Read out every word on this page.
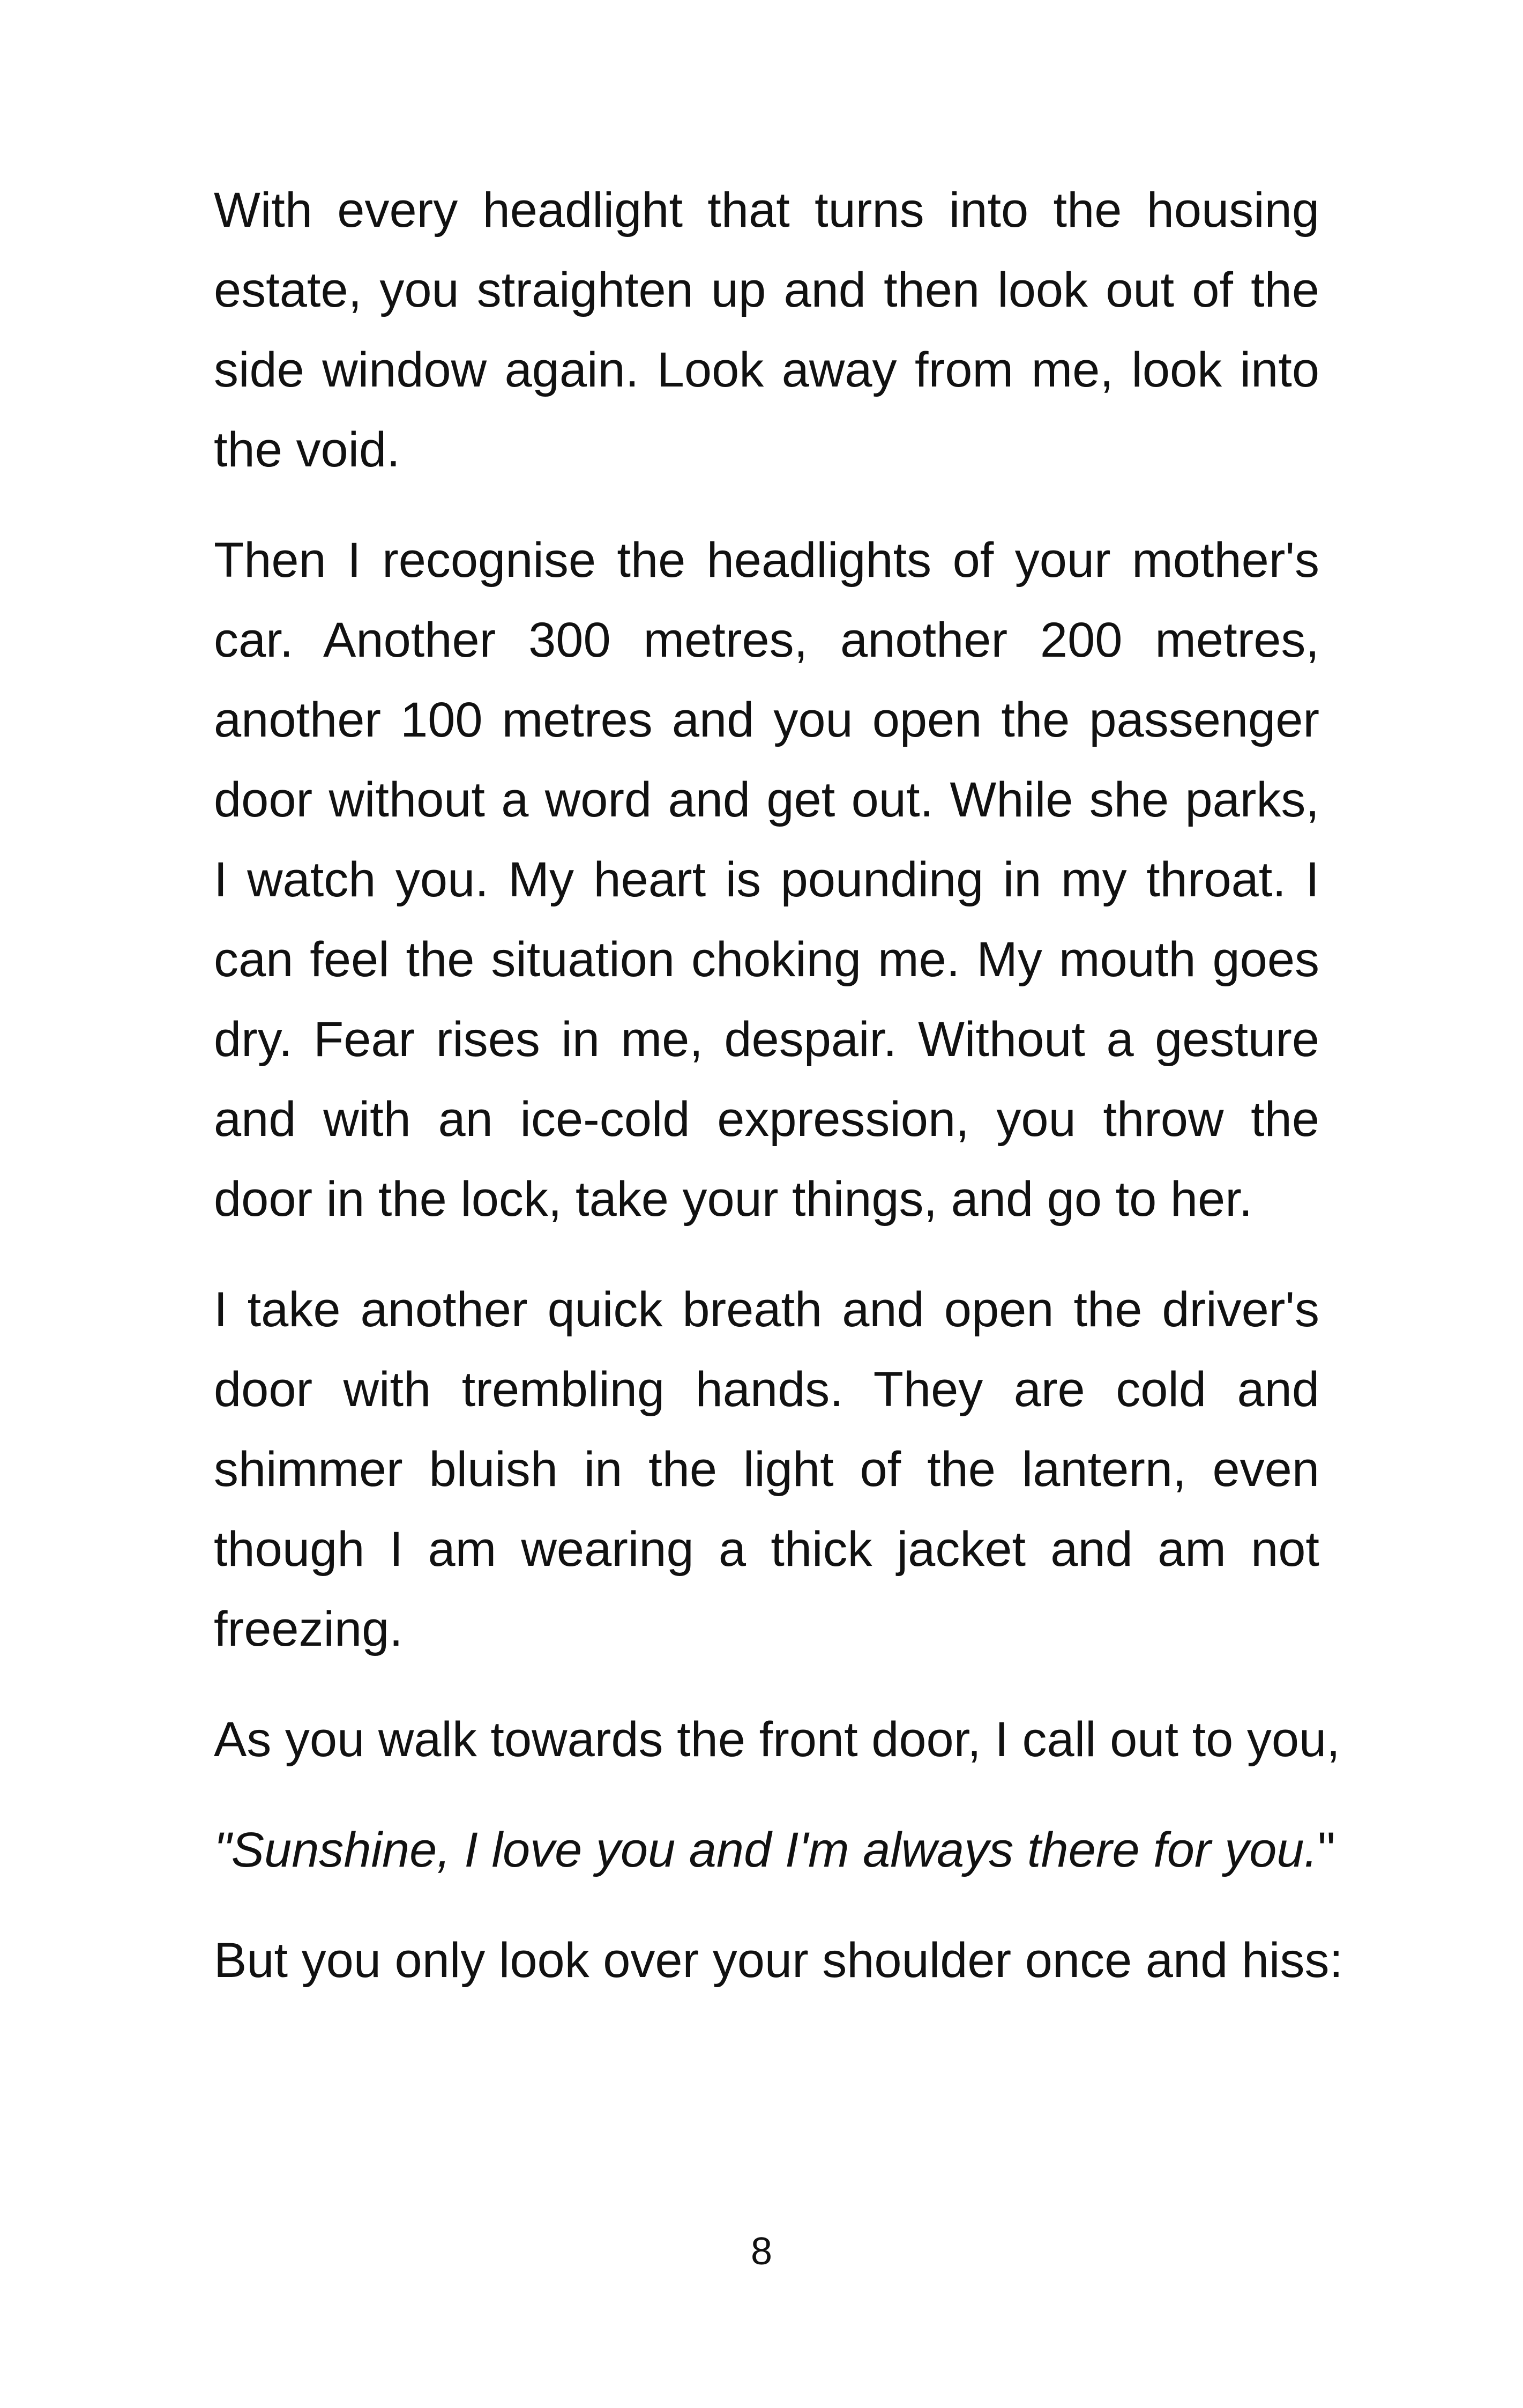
With every headlight that turns into the housing estate, you straighten up and then look out of the side window again. Look away from me, look into the void.

Then I recognise the headlights of your mother's car. Another 300 metres, another 200 metres, another 100 metres and you open the passenger door without a word and get out. While she parks, I watch you. My heart is pounding in my throat. I can feel the situation choking me. My mouth goes dry. Fear rises in me, despair. Without a gesture and with an ice-cold expression, you throw the door in the lock, take your things, and go to her.

I take another quick breath and open the driver's door with trembling hands. They are cold and shimmer bluish in the light of the lantern, even though I am wearing a thick jacket and am not freezing.

As you walk towards the front door, I call out to you,

"Sunshine, I love you and I'm always there for you."

But you only look over your shoulder once and hiss:

8
